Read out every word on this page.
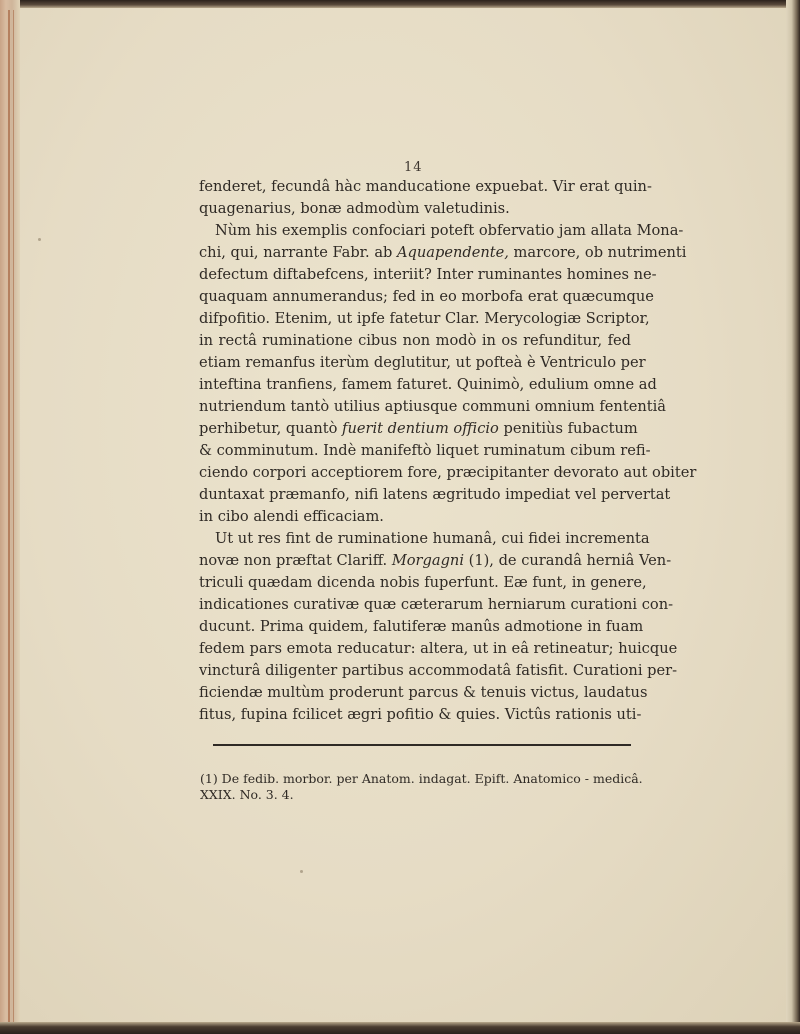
14
fenderet, fecundâ hàc manducatione expuebat. Vir erat quin-
quagenarius, bonæ admodùm valetudinis.
Nùm his exemplis confociari poteft obfervatio jam allata Mona-
chi, qui, narrante Fabr. ab Aquapendente, marcore, ob nutrimenti
defectum diftabefcens, interiit? Inter ruminantes homines ne-
quaquam annumerandus; fed in eo morbofa erat quæcumque
difpofitio. Etenim, ut ipfe fatetur Clar. Merycologiæ Scriptor,
in rectâ ruminatione cibus non modò in os refunditur, fed
etiam remanfus iterùm deglutitur, ut pofteà è Ventriculo per
inteftina tranfiens, famem faturet. Quinimò, edulium omne ad
nutriendum tantò utilius aptiusque communi omnium fententiâ
perhibetur, quantò fuerit dentium officio penitiùs fubactum
& comminutum. Indè manifeftò liquet ruminatum cibum refi-
ciendo corpori acceptiorem fore, præcipitanter devorato aut obiter
duntaxat præmanfo, nifi latens ægritudo impediat vel pervertat
in cibo alendi efficaciam.
Ut ut res fint de ruminatione humanâ, cui fidei incrementa
novæ non præftat Clariff. Morgagni (1), de curandâ herniâ Ven-
triculi quædam dicenda nobis fuperfunt. Eæ funt, in genere,
indicationes curativæ quæ cæterarum herniarum curationi con-
ducunt. Prima quidem, falutiferæ manûs admotione in fuam
fedem pars emota reducatur: altera, ut in eâ retineatur; huicque
vincturâ diligenter partibus accommodatâ fatisfit. Curationi per-
ficiendæ multùm proderunt parcus & tenuis victus, laudatus
fitus, fupina fcilicet ægri pofitio & quies. Victûs rationis uti-
(1) De fedib. morbor. per Anatom. indagat. Epift. Anatomico - medicâ.
XXIX. No. 3. 4.
